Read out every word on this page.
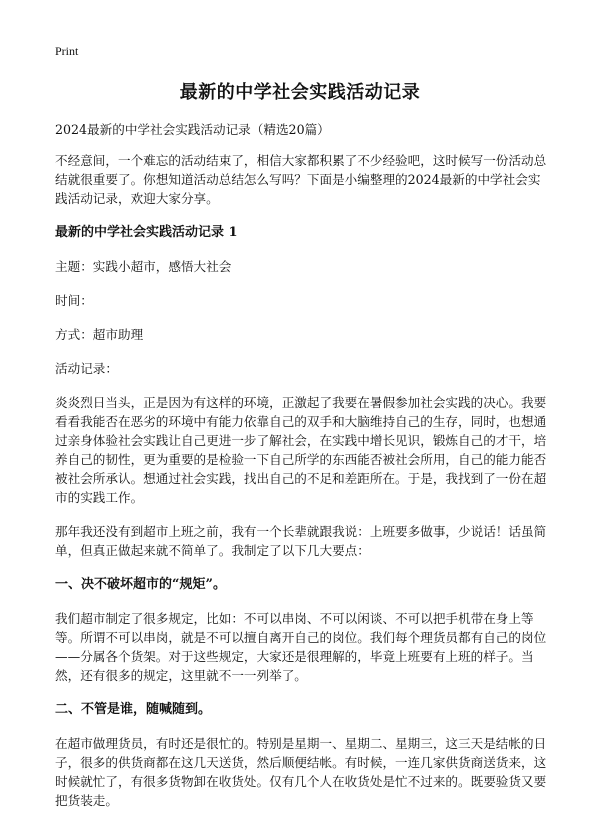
Print
最新的中学社会实践活动记录

2024最新的中学社会实践活动记录（精选20篇）

不经意间，一个难忘的活动结束了，相信大家都积累了不少经验吧，这时候写一份活动总结就很重要了。你想知道活动总结怎么写吗？下面是小编整理的2024最新的中学社会实践活动记录，欢迎大家分享。

最新的中学社会实践活动记录 1

主题：实践小超市，感悟大社会

时间：

方式：超市助理

活动记录：

炎炎烈日当头，正是因为有这样的环境，正激起了我要在暑假参加社会实践的决心。我要看看我能否在恶劣的环境中有能力依靠自己的双手和大脑维持自己的生存，同时，也想通过亲身体验社会实践让自己更进一步了解社会，在实践中增长见识，锻炼自己的才干，培养自己的韧性，更为重要的是检验一下自己所学的东西能否被社会所用，自己的能力能否被社会所承认。想通过社会实践，找出自己的不足和差距所在。于是，我找到了一份在超市的实践工作。

那年我还没有到超市上班之前，我有一个长辈就跟我说：上班要多做事，少说话！话虽简单，但真正做起来就不简单了。我制定了以下几大要点：

一、决不破坏超市的“规矩”。

我们超市制定了很多规定，比如：不可以串岗、不可以闲谈、不可以把手机带在身上等等。所谓不可以串岗，就是不可以擅自离开自己的岗位。我们每个理货员都有自己的岗位——分属各个货架。对于这些规定，大家还是很理解的，毕竟上班要有上班的样子。当然，还有很多的规定，这里就不一一列举了。

二、不管是谁，随喊随到。

在超市做理货员，有时还是很忙的。特别是星期一、星期二、星期三，这三天是结帐的日子，很多的供货商都在这几天送货，然后顺便结帐。有时候，一连几家供货商送货来，这时候就忙了，有很多货物卸在收货处。仅有几个人在收货处是忙不过来的。既要验货又要把货装走。
